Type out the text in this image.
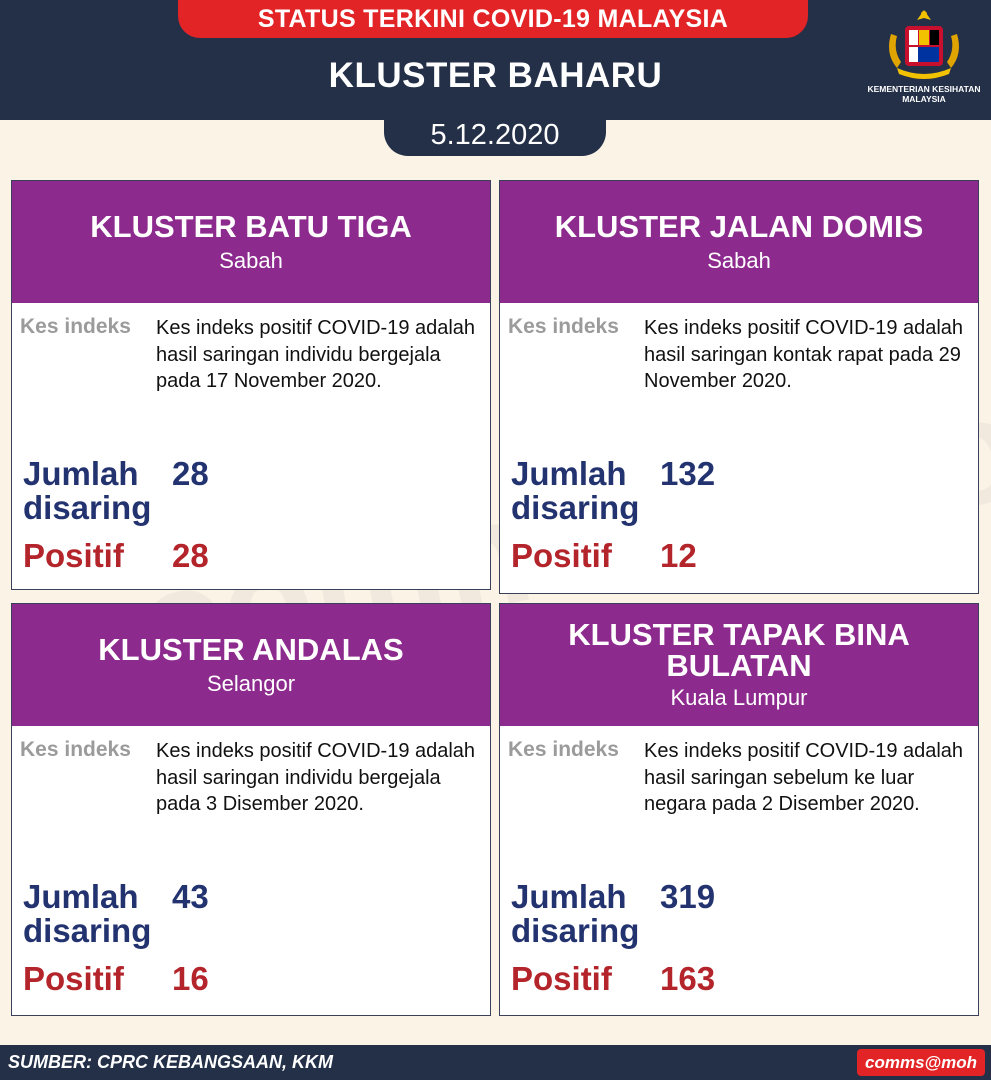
STATUS TERKINI COVID-19 MALAYSIA
KLUSTER BAHARU	KEMENTERIAN KESIHATAN MALAYSIA
5.12.2020
KLUSTER BATU TIGA
Sabah
Kes indeks Kes indeks positif COVID-19 adalah hasil saringan individu bergejala pada 17 November 2020.
Jumlah
disaring
28
Positif 28
KLUSTER JALAN DOMIS
Sabah
Kes indeks Kes indeks positif COVID-19 adalah hasil saringan kontak rapat pada 29 November 2020.
Jumlah
disaring
132
Positif 12
KLUSTER ANDALAS
Selangor
Kes indeks Kes indeks positif COVID-19 adalah hasil saringan individu bergejala pada 3 Disember 2020.
Jumlah
disaring
43
Positif 16
KLUSTER TAPAK BINA BULATAN
Kuala Lumpur
Kes indeks Kes indeks positif COVID-19 adalah hasil saringan sebelum ke luar negara pada 2 Disember 2020.
Jumlah
disaring
319
Positif 163
SUMBER: CPRC KEBANGSAAN, KKM	comms@moh
